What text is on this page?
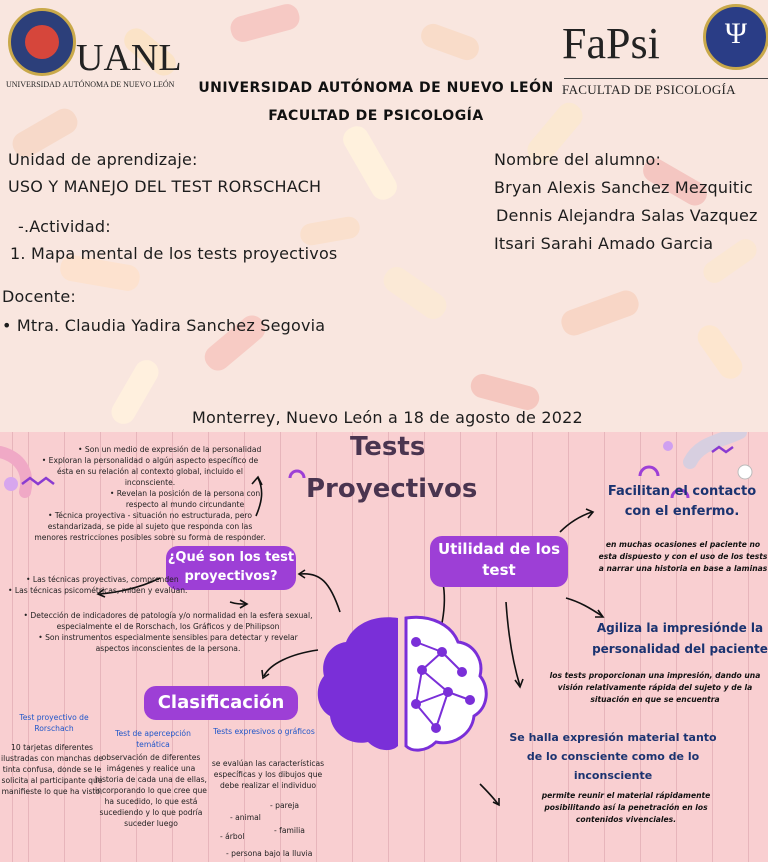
UANL
UNIVERSIDAD AUTÓNOMA DE NUEVO LEÓN
FaPsi Ψ
FACULTAD DE PSICOLOGÍA
UNIVERSIDAD AUTÓNOMA DE NUEVO LEÓN
FACULTAD DE PSICOLOGÍA
Unidad de aprendizaje:
USO Y MANEJO DEL TEST RORSCHACH
-.Actividad:
1. Mapa mental de los tests proyectivos
Docente:
• Mtra. Claudia Yadira Sanchez Segovia
Nombre del alumno:
Bryan Alexis Sanchez Mezquitic
Dennis Alejandra Salas Vazquez
Itsari Sarahi Amado Garcia
Monterrey, Nuevo León a 18 de agosto de 2022
Tests
Proyectivos
• Son un medio de expresión de la personalidad
• Exploran la personalidad o algún aspecto específico de ésta en su relación al contexto global, incluido el inconsciente.
• Revelan la posición de la persona con respecto al mundo circundante
• Técnica proyectiva - situación no estructurada, pero estandarizada, se pide al sujeto que responda con las menores restricciones posibles sobre su forma de responder.
¿Qué son los test proyectivos?
• Las técnicas proyectivas, comprenden
• Las técnicas psicométricas, miden y evalúan.
• Detección de indicadores de patología y/o normalidad en la esfera sexual, especialmente el de Rorschach, los Gráficos y de Philipson
• Son instrumentos especialmente sensibles para detectar y revelar aspectos inconscientes de la persona.
Clasificación
Test proyectivo de Rorschach
10 tarjetas diferentes ilustradas con manchas de tinta confusa, donde se le solicita al participante que manifieste lo que ha visto.
Test de apercepción temática
observación de diferentes imágenes y realice una historia de cada una de ellas, incorporando lo que cree que ha sucedido, lo que está sucediendo y lo que podría suceder luego
Tests expresivos o gráficos
se evalúan las características específicas y los dibujos que debe realizar el individuo
- pareja
- animal
- familia
- árbol
- persona bajo la lluvia
Utilidad de los test
Facilitan el contacto con el enfermo.
en muchas ocasiones el paciente no esta dispuesto y con el uso de los tests a narrar una historia en base a laminas
Agiliza la impresiónde la personalidad del paciente
los tests proporcionan una impresión, dando una visión relativamente rápida del sujeto y de la situación en que se encuentra
Se halla expresión material tanto de lo consciente como de lo inconsciente
permite reunir el material rápidamente posibilitando así la penetración en los contenidos vivenciales.
